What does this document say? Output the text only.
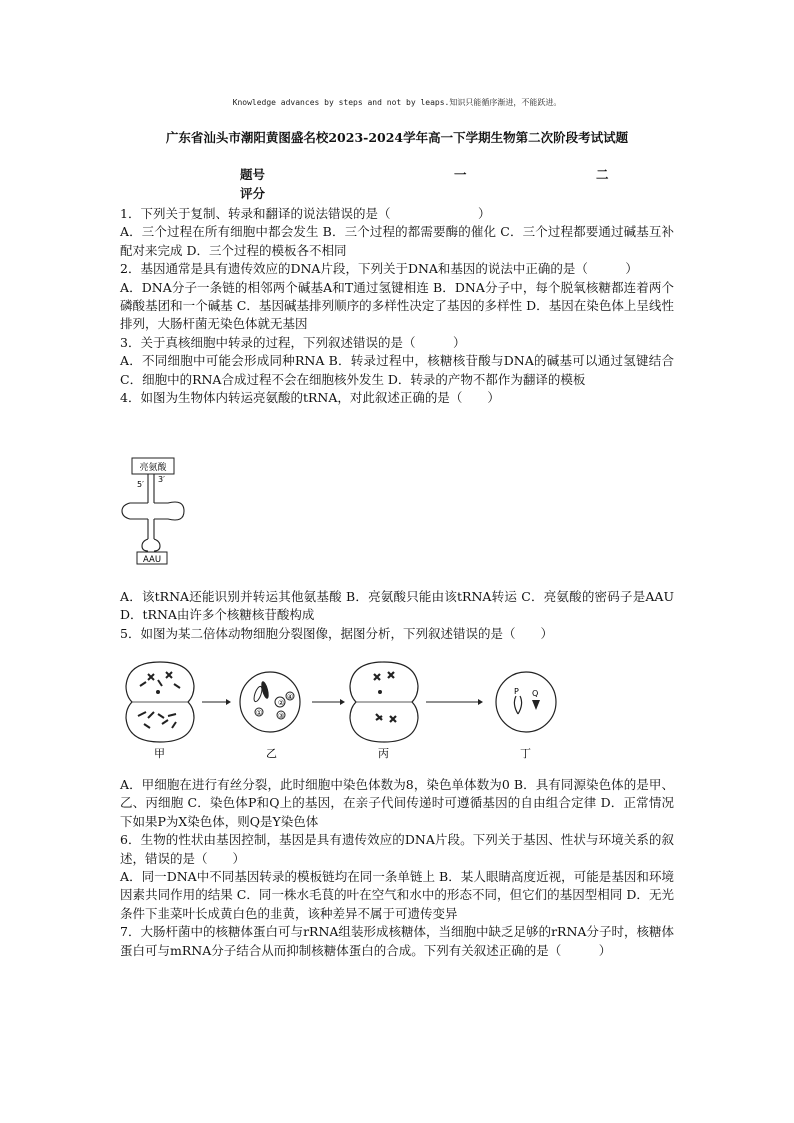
Knowledge advances by steps and not by leaps.知识只能循序渐进，不能跃进。
广东省汕头市潮阳黄图盛名校2023-2024学年高一下学期生物第二次阶段考试试题
题号	一	二
评分

1．下列关于复制、转录和翻译的说法错误的是（　　　　　　　）

A．三个过程在所有细胞中都会发生 B．三个过程的都需要酶的催化 C．三个过程都要通过碱基互补配对来完成 D．三个过程的模板各不相同

2．基因通常是具有遗传效应的DNA片段，下列关于DNA和基因的说法中正确的是（　　　）

A．DNA分子一条链的相邻两个碱基A和T通过氢键相连 B．DNA分子中，每个脱氧核糖都连着两个磷酸基团和一个碱基 C．基因碱基排列顺序的多样性决定了基因的多样性 D．基因在染色体上呈线性排列，大肠杆菌无染色体就无基因

3．关于真核细胞中转录的过程，下列叙述错误的是（　　　）

A．不同细胞中可能会形成同种RNA B．转录过程中，核糖核苷酸与DNA的碱基可以通过氢键结合 C．细胞中的RNA合成过程不会在细胞核外发生 D．转录的产物不都作为翻译的模板

4．如图为生物体内转运亮氨酸的tRNA，对此叙述正确的是（　　）

亮氨酸
5′
3′
AAU

A．该tRNA还能识别并转运其他氨基酸 B．亮氨酸只能由该tRNA转运 C．亮氨酸的密码子是AAU D．tRNA由许多个核糖核苷酸构成

5．如图为某二倍体动物细胞分裂图像，据图分析，下列叙述错误的是（　　）

甲
①
②
③
④
乙	丙
P Q
丁

A．甲细胞在进行有丝分裂，此时细胞中染色体数为8，染色单体数为0 B．具有同源染色体的是甲、乙、丙细胞 C．染色体P和Q上的基因，在亲子代间传递时可遵循基因的自由组合定律 D．正常情况下如果P为X染色体，则Q是Y染色体

6．生物的性状由基因控制，基因是具有遗传效应的DNA片段。下列关于基因、性状与环境关系的叙述，错误的是（　　）

A．同一DNA中不同基因转录的模板链均在同一条单链上 B．某人眼睛高度近视，可能是基因和环境因素共同作用的结果 C．同一株水毛茛的叶在空气和水中的形态不同，但它们的基因型相同 D．无光条件下韭菜叶长成黄白色的韭黄，该种差异不属于可遗传变异

7．大肠杆菌中的核糖体蛋白可与rRNA组装形成核糖体，当细胞中缺乏足够的rRNA分子时，核糖体蛋白可与mRNA分子结合从而抑制核糖体蛋白的合成。下列有关叙述正确的是（　　　）
